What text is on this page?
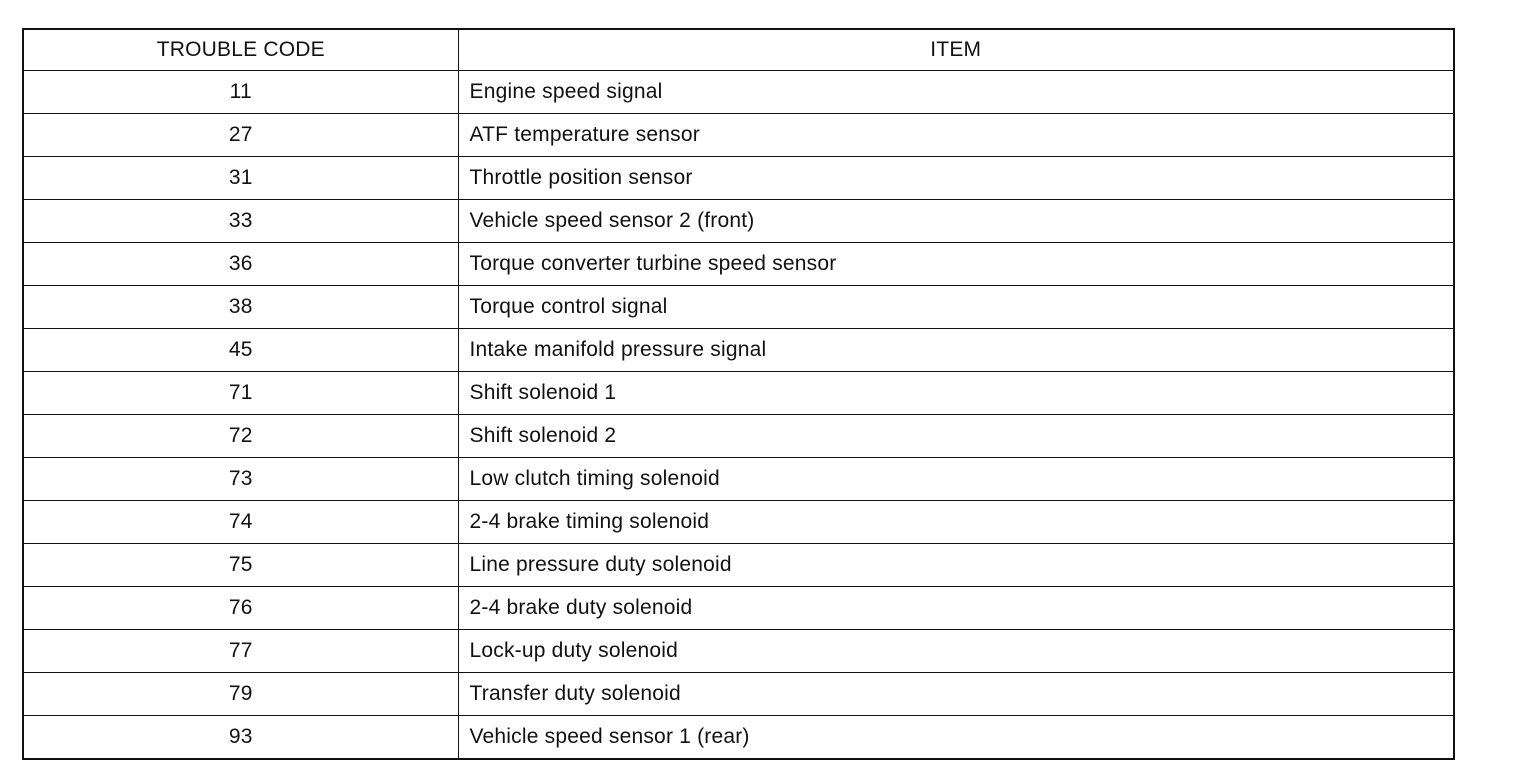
TROUBLE CODE	ITEM
11	Engine speed signal
27	ATF temperature sensor
31	Throttle position sensor
33	Vehicle speed sensor 2 (front)
36	Torque converter turbine speed sensor
38	Torque control signal
45	Intake manifold pressure signal
71	Shift solenoid 1
72	Shift solenoid 2
73	Low clutch timing solenoid
74	2-4 brake timing solenoid
75	Line pressure duty solenoid
76	2-4 brake duty solenoid
77	Lock-up duty solenoid
79	Transfer duty solenoid
93	Vehicle speed sensor 1 (rear)
